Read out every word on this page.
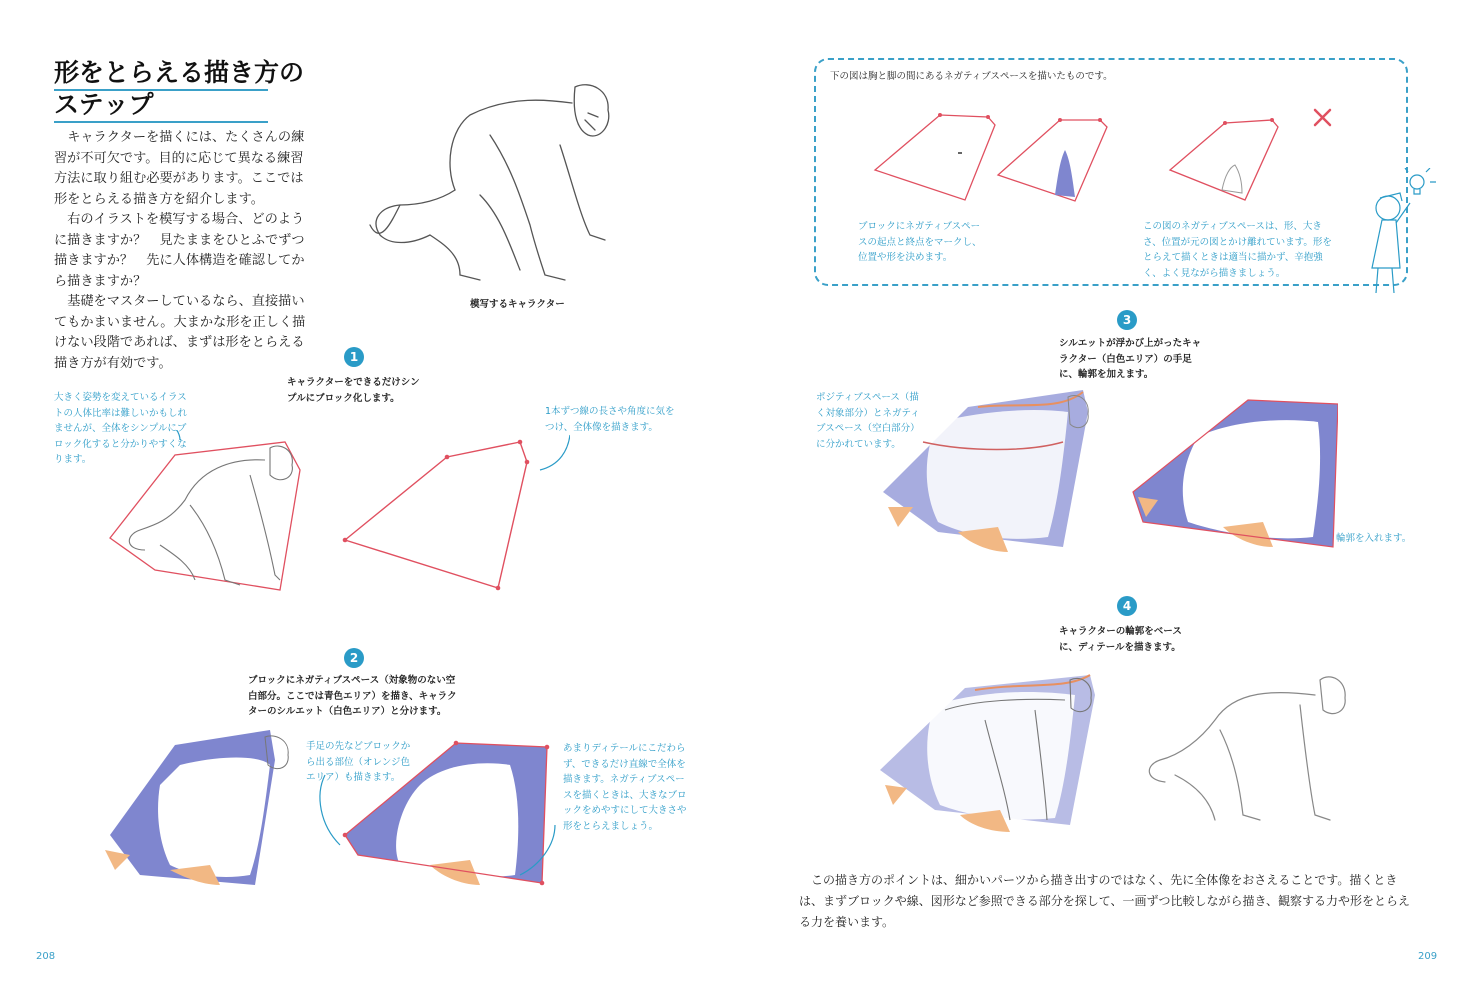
形をとらえる描き方の
ステップ

キャラクターを描くには、たくさんの練習が不可欠です。目的に応じて異なる練習方法に取り組む必要があります。ここでは形をとらえる描き方を紹介します。

右のイラストを模写する場合、どのように描きますか？　見たままをひとふでずつ描きますか？　先に人体構造を確認してから描きますか？

基礎をマスターしているなら、直接描いてもかまいません。大まかな形を正しく描けない段階であれば、まずは形をとらえる描き方が有効です。

模写するキャラクター
1
キャラクターをできるだけシンプルにブロック化します。
大きく姿勢を変えているイラストの人体比率は難しいかもしれませんが、全体をシンプルにブロック化すると分かりやすくなります。
1本ずつ線の長さや角度に気をつけ、全体像を描きます。
2
ブロックにネガティブスペース（対象物のない空白部分。ここでは青色エリア）を描き、キャラクターのシルエット（白色エリア）と分けます。
手足の先などブロックから出る部位（オレンジ色エリア）も描きます。
あまりディテールにこだわらず、できるだけ直線で全体を描きます。ネガティブスペースを描くときは、大きなブロックをめやすにして大きさや形をとらえましょう。
208
下の図は胸と脚の間にあるネガティブスペースを描いたものです。
ブロックにネガティブスペースの起点と終点をマークし、位置や形を決めます。
この図のネガティブスペースは、形、大きさ、位置が元の図とかけ離れています。形をとらえて描くときは適当に描かず、辛抱強く、よく見ながら描きましょう。
3
シルエットが浮かび上がったキャラクター（白色エリア）の手足に、輪郭を加えます。
ポジティブスペース（描く対象部分）とネガティブスペース（空白部分）に分かれています。
輪郭を入れます。
4
キャラクターの輪郭をベースに、ディテールを描きます。

この描き方のポイントは、細かいパーツから描き出すのではなく、先に全体像をおさえることです。描くときは、まずブロックや線、図形など参照できる部分を探して、一画ずつ比較しながら描き、観察する力や形をとらえる力を養います。

209
